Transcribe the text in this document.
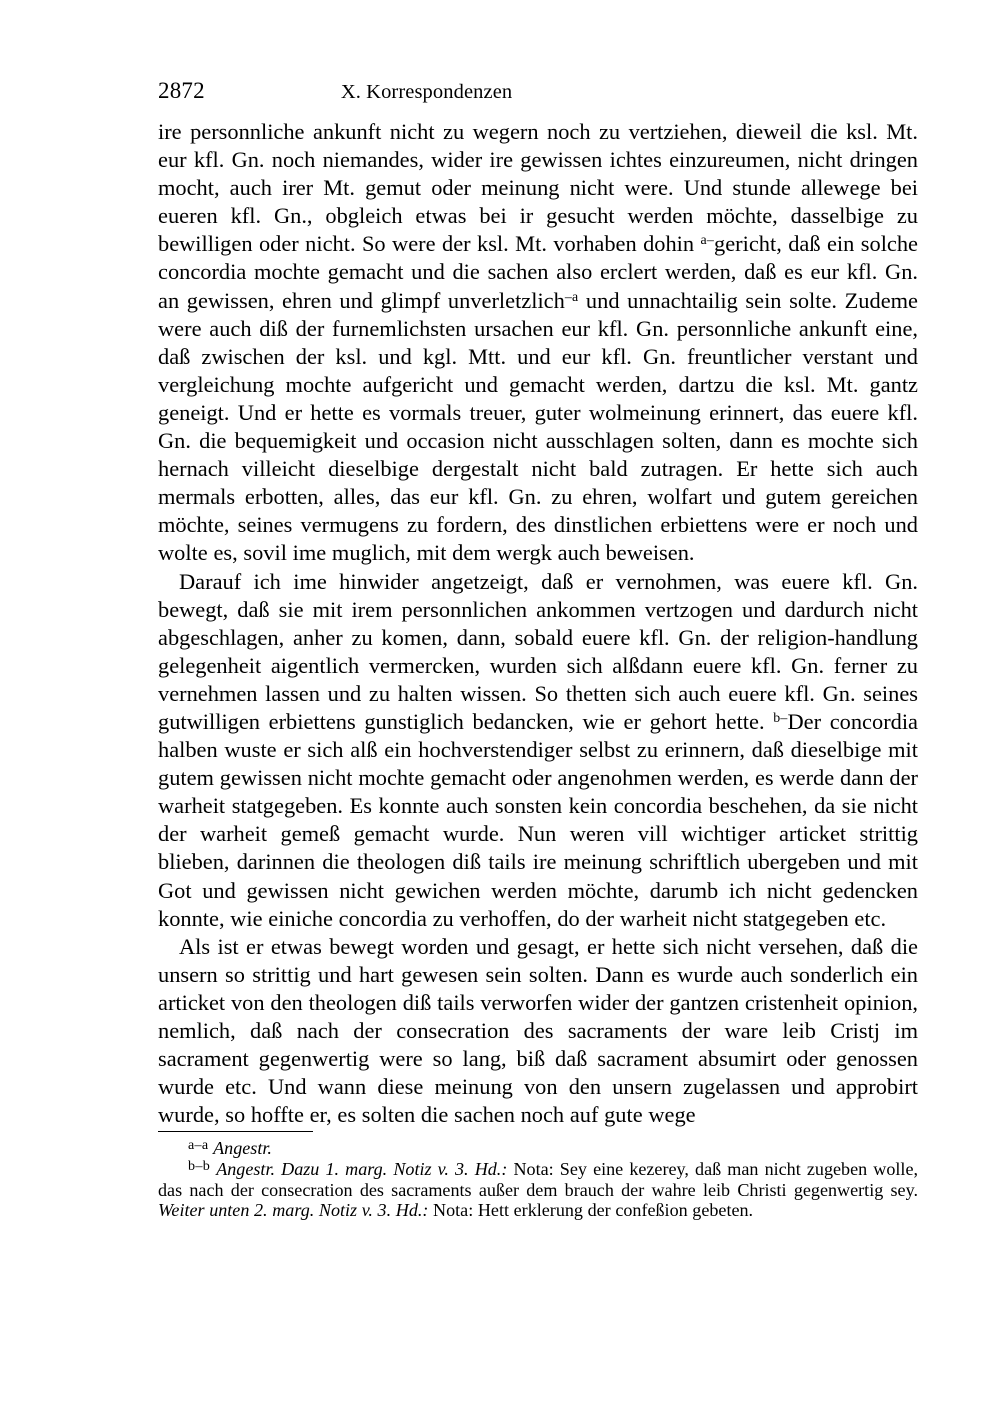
2872	X. Korrespondenzen

ire personnliche ankunft nicht zu wegern noch zu vertziehen, dieweil die ksl. Mt. eur kfl. Gn. noch niemandes, wider ire gewissen ichtes einzureumen, nicht dringen mocht, auch irer Mt. gemut oder meinung nicht were. Und stunde allewege bei eueren kfl. Gn., obgleich etwas bei ir gesucht werden möchte, dasselbige zu bewilligen oder nicht. So were der ksl. Mt. vorhaben dohin $^{a-}$gericht, daß ein solche concordia mochte gemacht und die sachen also erclert werden, daß es eur kfl. Gn. an gewissen, ehren und glimpf unverletzlich$^{-a}$ und unnachtailig sein solte. Zudeme were auch diß der furnemlichsten ursachen eur kfl. Gn. personnliche ankunft eine, daß zwischen der ksl. und kgl. Mtt. und eur kfl. Gn. freuntlicher verstant und vergleichung mochte aufgericht und gemacht werden, dartzu die ksl. Mt. gantz geneigt. Und er hette es vormals treuer, guter wolmeinung erinnert, das euere kfl. Gn. die bequemigkeit und occasion nicht ausschlagen solten, dann es mochte sich hernach villeicht dieselbige dergestalt nicht bald zutragen. Er hette sich auch mermals erbotten, alles, das eur kfl. Gn. zu ehren, wolfart und gutem gereichen möchte, seines vermugens zu fordern, des dinstlichen erbiettens were er noch und wolte es, sovil ime muglich, mit dem wergk auch beweisen.

Darauf ich ime hinwider angetzeigt, daß er vernohmen, was euere kfl. Gn. bewegt, daß sie mit irem personnlichen ankommen vertzogen und dardurch nicht abgeschlagen, anher zu komen, dann, sobald euere kfl. Gn. der religion-handlung gelegenheit aigentlich vermercken, wurden sich alßdann euere kfl. Gn. ferner zu vernehmen lassen und zu halten wissen. So thetten sich auch euere kfl. Gn. seines gutwilligen erbiettens gunstiglich bedancken, wie er gehort hette. $^{b-}$Der concordia halben wuste er sich alß ein hochverstendiger selbst zu erinnern, daß dieselbige mit gutem gewissen nicht mochte gemacht oder angenohmen werden, es werde dann der warheit statgegeben. Es konnte auch sonsten kein concordia beschehen, da sie nicht der warheit gemeß gemacht wurde. Nun weren vill wichtiger articket strittig blieben, darinnen die theologen diß tails ire meinung schriftlich ubergeben und mit Got und gewissen nicht gewichen werden möchte, darumb ich nicht gedencken konnte, wie einiche concordia zu verhoffen, do der warheit nicht statgegeben etc.

Als ist er etwas bewegt worden und gesagt, er hette sich nicht versehen, daß die unsern so strittig und hart gewesen sein solten. Dann es wurde auch sonderlich ein articket von den theologen diß tails verworfen wider der gantzen cristenheit opinion, nemlich, daß nach der consecration des sacraments der ware leib Cristj im sacrament gegenwertig were so lang, biß daß sacrament absumirt oder genossen wurde etc. Und wann diese meinung von den unsern zugelassen und approbirt wurde, so hoffte er, es solten die sachen noch auf gute wege

$^{a-a}$ Angestr.

$^{b-b}$ Angestr. Dazu 1. marg. Notiz v. 3. Hd.: Nota: Sey eine kezerey, daß man nicht zugeben wolle, das nach der consecration des sacraments außer dem brauch der wahre leib Christi gegenwertig sey. Weiter unten 2. marg. Notiz v. 3. Hd.: Nota: Hett erklerung der confeßion gebeten.
